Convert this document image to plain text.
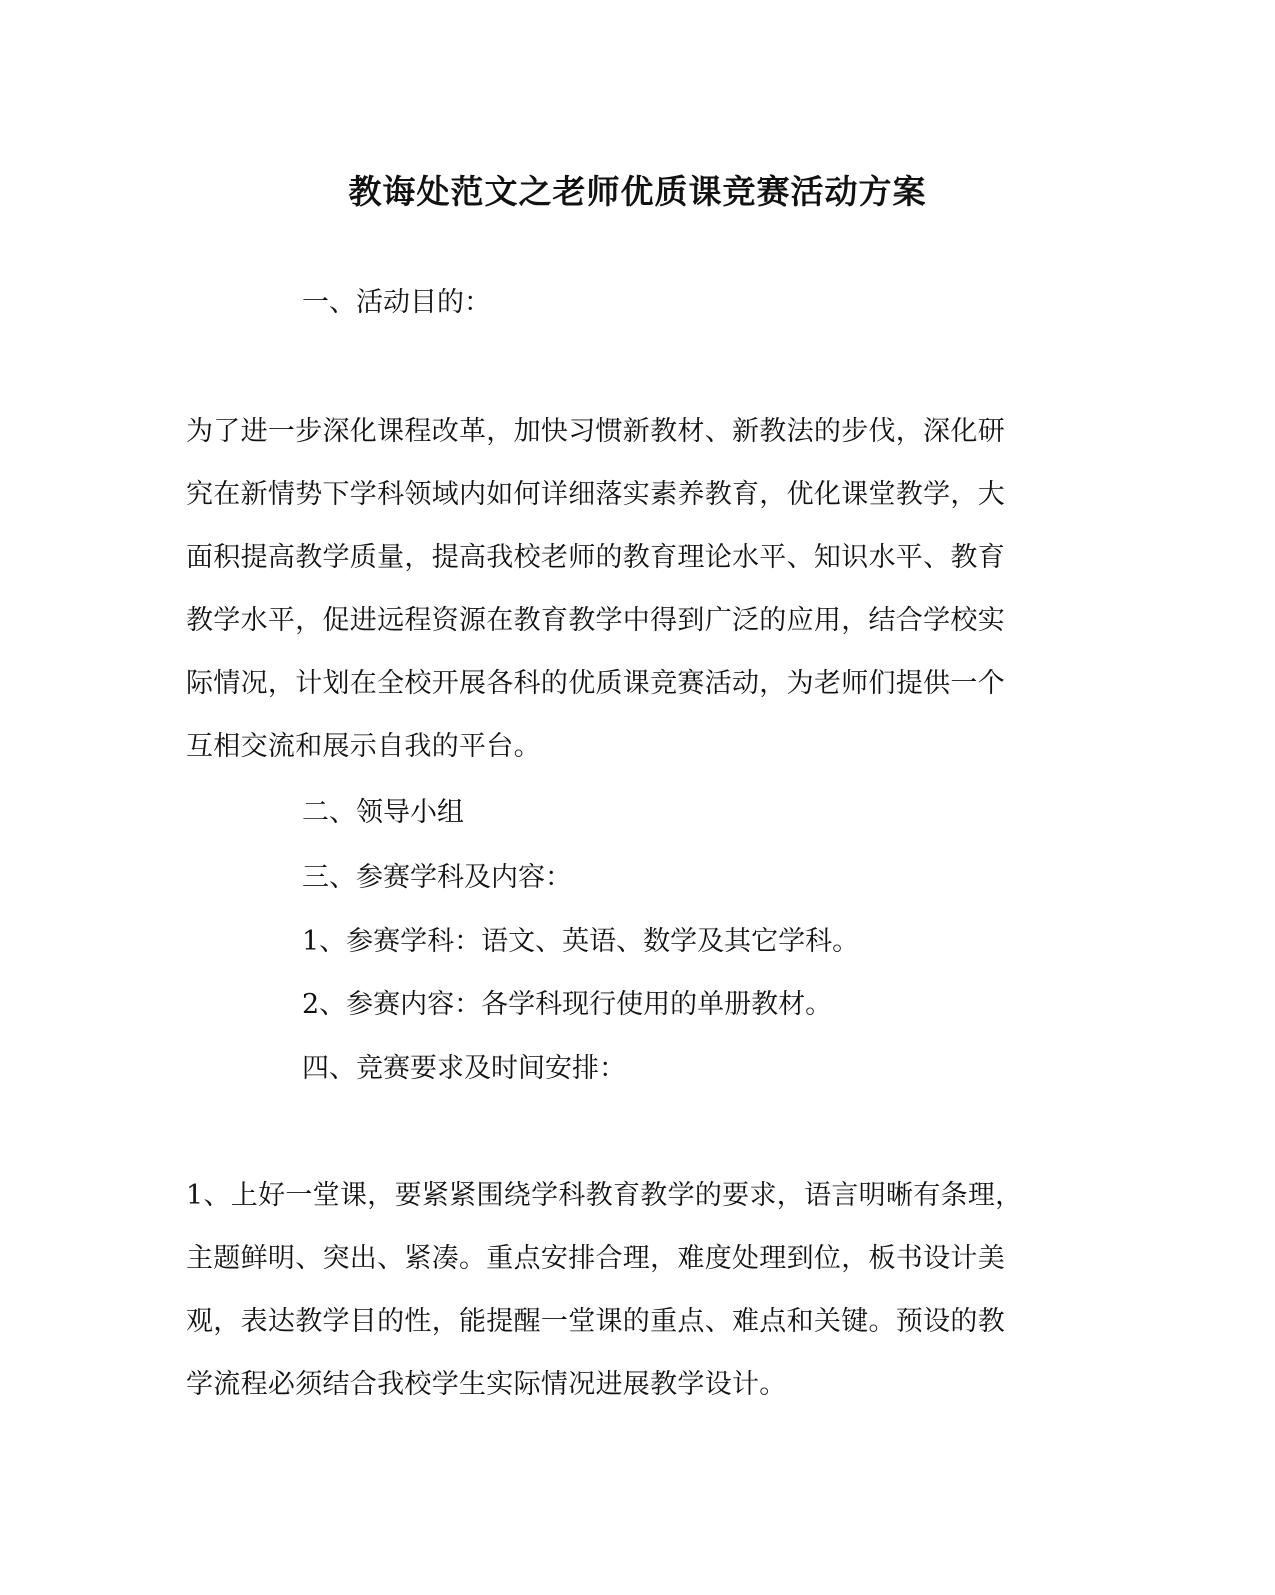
教诲处范文之老师优质课竞赛活动方案
一、活动目的：
为了进一步深化课程改革，加快习惯新教材、新教法的步伐，深化研
究在新情势下学科领域内如何详细落实素养教育，优化课堂教学，大
面积提高教学质量，提高我校老师的教育理论水平、知识水平、教育
教学水平，促进远程资源在教育教学中得到广泛的应用，结合学校实
际情况，计划在全校开展各科的优质课竞赛活动，为老师们提供一个
互相交流和展示自我的平台。
二、领导小组
三、参赛学科及内容：
1、参赛学科：语文、英语、数学及其它学科。
2、参赛内容：各学科现行使用的单册教材。
四、竞赛要求及时间安排：
1、上好一堂课，要紧紧围绕学科教育教学的要求，语言明晰有条理，
主题鲜明、突出、紧凑。重点安排合理，难度处理到位，板书设计美
观，表达教学目的性，能提醒一堂课的重点、难点和关键。预设的教
学流程必须结合我校学生实际情况进展教学设计。
